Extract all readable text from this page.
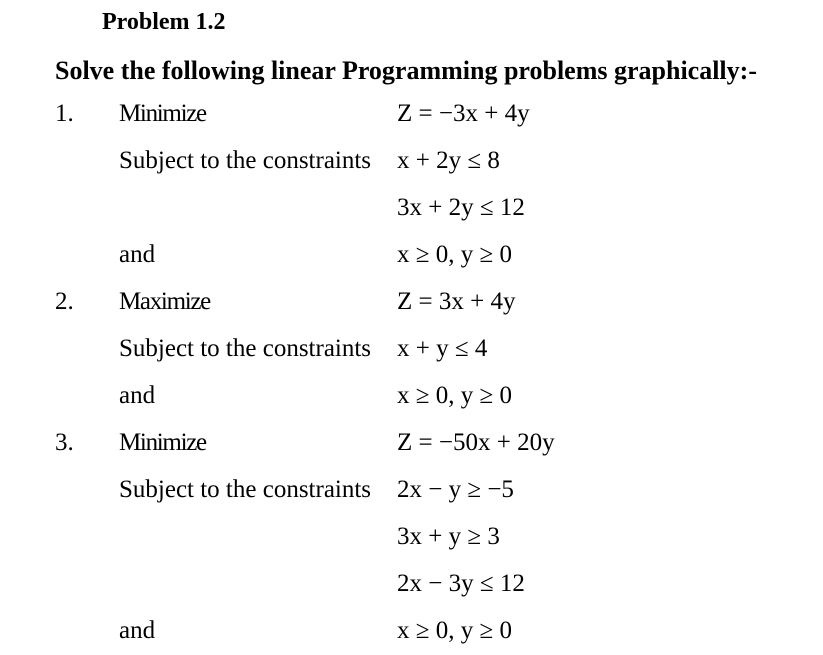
Problem 1.2
Solve the following linear Programming problems graphically:-
1. Minimize	Z = −3x + 4y
Subject to the constraints x + 2y ≤ 8
3x + 2y ≤ 12
and	x ≥ 0, y ≥ 0
2. Maximize	Z = 3x + 4y
Subject to the constraints x + y ≤ 4
and	x ≥ 0, y ≥ 0
3. Minimize	Z = −50x + 20y
Subject to the constraints 2x − y ≥ −5
3x + y ≥ 3
2x − 3y ≤ 12
and	x ≥ 0, y ≥ 0
